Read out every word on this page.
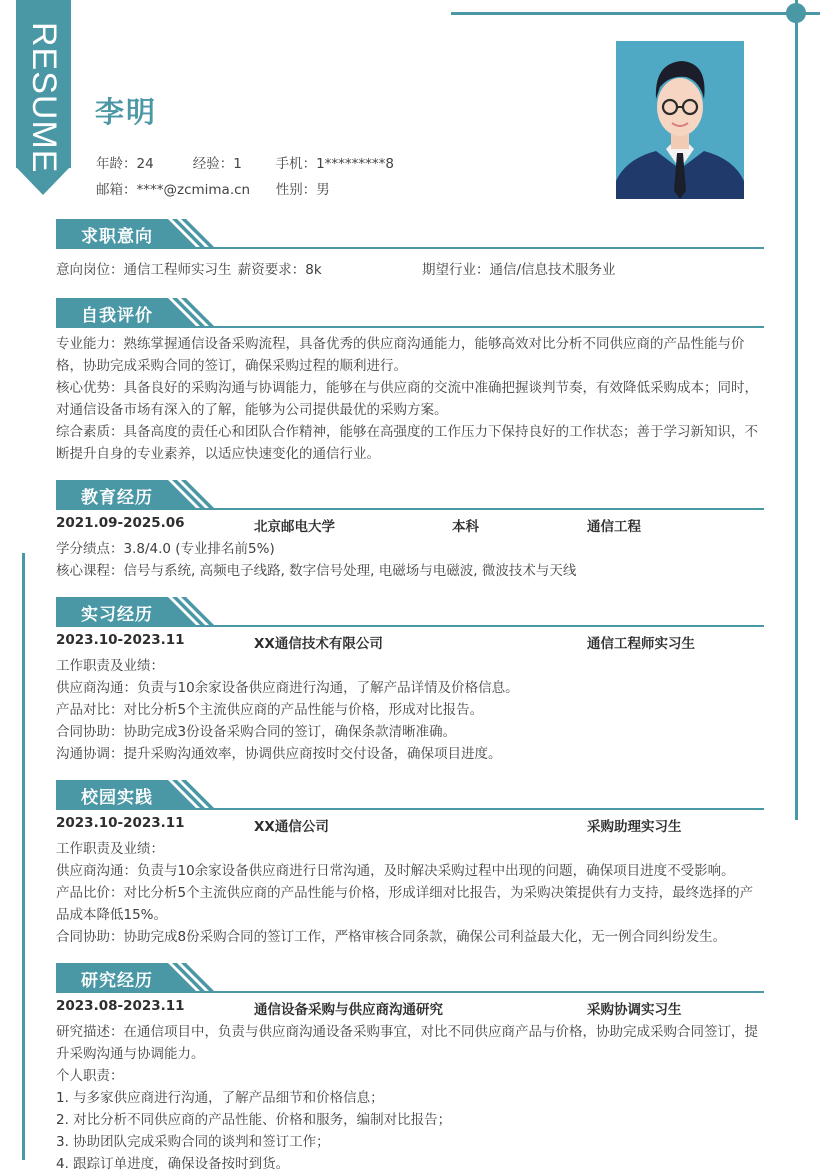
RESUME 李明
年龄：24	经验：1 手机：1*********8
邮箱：****@zcmima.cn 性别：男
求职意向
意向岗位：通信工程师实习生 薪资要求：8k	期望行业：通信/信息技术服务业
自我评价

专业能力：熟练掌握通信设备采购流程，具备优秀的供应商沟通能力，能够高效对比分析不同供应商的产品性能与价格，协助完成采购合同的签订，确保采购过程的顺利进行。

核心优势：具备良好的采购沟通与协调能力，能够在与供应商的交流中准确把握谈判节奏，有效降低采购成本；同时，对通信设备市场有深入的了解，能够为公司提供最优的采购方案。

综合素质：具备高度的责任心和团队合作精神，能够在高强度的工作压力下保持良好的工作状态；善于学习新知识，不断提升自身的专业素养，以适应快速变化的通信行业。

教育经历
2021.09-2025.06	北京邮电大学	本科	通信工程

学分绩点：3.8/4.0 (专业排名前5%)

核心课程：信号与系统, 高频电子线路, 数字信号处理, 电磁场与电磁波, 微波技术与天线

实习经历
2023.10-2023.11	XX通信技术有限公司	通信工程师实习生

工作职责及业绩：

供应商沟通：负责与10余家设备供应商进行沟通，了解产品详情及价格信息。

产品对比：对比分析5个主流供应商的产品性能与价格，形成对比报告。

合同协助：协助完成3份设备采购合同的签订，确保条款清晰准确。

沟通协调：提升采购沟通效率，协调供应商按时交付设备，确保项目进度。

校园实践
2023.10-2023.11	XX通信公司	采购助理实习生

工作职责及业绩：

供应商沟通：负责与10余家设备供应商进行日常沟通，及时解决采购过程中出现的问题，确保项目进度不受影响。

产品比价：对比分析5个主流供应商的产品性能与价格，形成详细对比报告，为采购决策提供有力支持，最终选择的产品成本降低15%。

合同协助：协助完成8份采购合同的签订工作，严格审核合同条款，确保公司利益最大化，无一例合同纠纷发生。

研究经历
2023.08-2023.11	通信设备采购与供应商沟通研究	采购协调实习生

研究描述：在通信项目中，负责与供应商沟通设备采购事宜，对比不同供应商产品与价格，协助完成采购合同签订，提升采购沟通与协调能力。

个人职责：

1. 与多家供应商进行沟通，了解产品细节和价格信息；

2. 对比分析不同供应商的产品性能、价格和服务，编制对比报告；

3. 协助团队完成采购合同的谈判和签订工作；

4. 跟踪订单进度，确保设备按时到货。
